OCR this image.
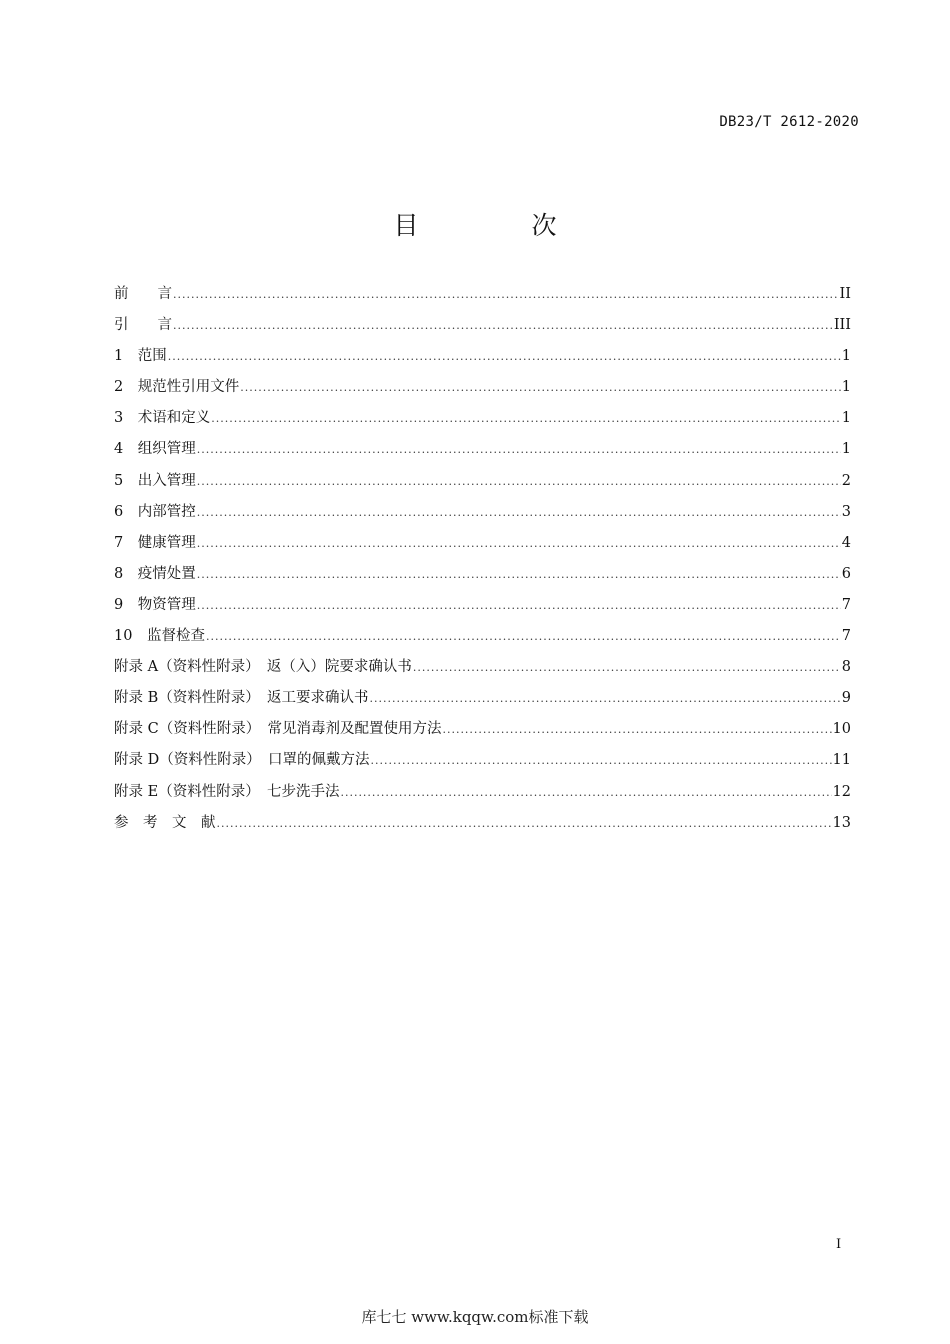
DB23/T 2612-2020
目　次
前　　言 .....	II
引　　言 .....	III
1　范围 .....	1
2　规范性引用文件 .....	1
3　术语和定义 .....	1
4　组织管理 .....	1
5　出入管理 .....	2
6　内部管控 .....	3
7　健康管理 .....	4
8　疫情处置 .....	6
9　物资管理 .....	7
10　监督检查 .....	7
附录 A（资料性附录）　返（入）院要求确认书 .....	8
附录 B（资料性附录）　返工要求确认书 .....	9
附录 C（资料性附录）　常见消毒剂及配置使用方法 .....	10
附录 D（资料性附录）　口罩的佩戴方法 .....	11
附录 E（资料性附录）　七步洗手法 .....	12
参　考　文　献 .....	13
I
库七七 www.kqqw.com标准下载
